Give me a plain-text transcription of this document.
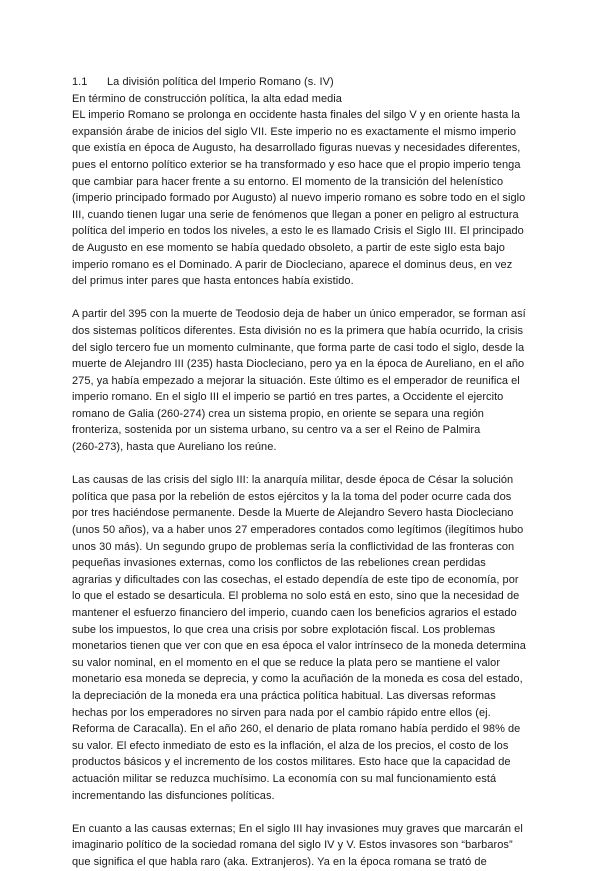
1.1	La división política del Imperio Romano (s. IV)
En término de construcción política, la alta edad media
EL imperio Romano se prolonga en occidente hasta finales del silgo V y en oriente hasta la
expansión árabe de inicios del siglo VII. Este imperio no es exactamente el mismo imperio
que existía en época de Augusto, ha desarrollado figuras nuevas y necesidades diferentes,
pues el entorno político exterior se ha transformado y eso hace que el propio imperio tenga
que cambiar para hacer frente a su entorno. El momento de la transición del helenístico
(imperio principado formado por Augusto) al nuevo imperio romano es sobre todo en el siglo
III, cuando tienen lugar una serie de fenómenos que llegan a poner en peligro al estructura
política del imperio en todos los niveles, a esto le es llamado Crisis el Siglo III. El principado
de Augusto en ese momento se había quedado obsoleto, a partir de este siglo esta bajo
imperio romano es el Dominado. A parir de Diocleciano, aparece el dominus deus, en vez
del primus inter pares que hasta entonces había existido.
A partir del 395 con la muerte de Teodosio deja de haber un único emperador, se forman así
dos sistemas políticos diferentes. Esta división no es la primera que había ocurrido, la crisis
del siglo tercero fue un momento culminante, que forma parte de casi todo el siglo, desde la
muerte de Alejandro III (235) hasta Diocleciano, pero ya en la época de Aureliano, en el año
275, ya había empezado a mejorar la situación. Este último es el emperador de reunifica el
imperio romano. En el siglo III el imperio se partió en tres partes, a Occidente el ejercito
romano de Galia (260-274) crea un sistema propio, en oriente se separa una región
fronteriza, sostenida por un sistema urbano, su centro va a ser el Reino de Palmira
(260-273), hasta que Aureliano los reúne.
Las causas de las crisis del siglo III: la anarquía militar, desde época de César la solución
política que pasa por la rebelión de estos ejércitos y la la toma del poder ocurre cada dos
por tres haciéndose permanente. Desde la Muerte de Alejandro Severo hasta Diocleciano
(unos 50 años), va a haber unos 27 emperadores contados como legítimos (ilegítimos hubo
unos 30 más). Un segundo grupo de problemas sería la conflictividad de las fronteras con
pequeñas invasiones externas, como los conflictos de las rebeliones crean perdidas
agrarias y dificultades con las cosechas, el estado dependía de este tipo de economía, por
lo que el estado se desarticula. El problema no solo está en esto, sino que la necesidad de
mantener el esfuerzo financiero del imperio, cuando caen los beneficios agrarios el estado
sube los impuestos, lo que crea una crisis por sobre explotación fiscal. Los problemas
monetarios tienen que ver con que en esa época el valor intrínseco de la moneda determina
su valor nominal, en el momento en el que se reduce la plata pero se mantiene el valor
monetario esa moneda se deprecia, y como la acuñación de la moneda es cosa del estado,
la depreciación de la moneda era una práctica política habitual. Las diversas reformas
hechas por los emperadores no sirven para nada por el cambio rápido entre ellos (ej.
Reforma de Caracalla). En el año 260, el denario de plata romano había perdido el 98% de
su valor. El efecto inmediato de esto es la inflación, el alza de los precios, el costo de los
productos básicos y el incremento de los costos militares. Esto hace que la capacidad de
actuación militar se reduzca muchísimo. La economía con su mal funcionamiento está
incrementando las disfunciones políticas.
En cuanto a las causas externas; En el siglo III hay invasiones muy graves que marcarán el
imaginario político de la sociedad romana del siglo IV y V. Estos invasores son “barbaros”
que significa el que habla raro (aka. Extranjeros). Ya en la época romana se trató de
